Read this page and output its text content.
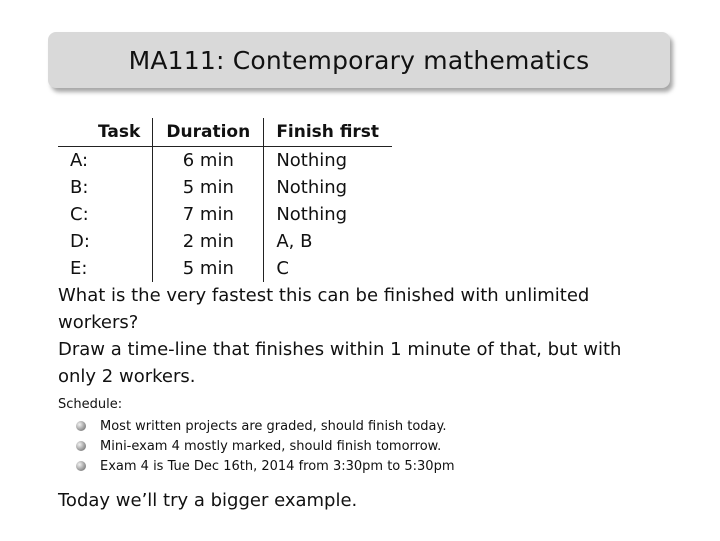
MA111: Contemporary mathematics
Task	Duration	Finish first
A:	6 min	Nothing
B:	5 min	Nothing
C:	7 min	Nothing
D:	2 min	A, B
E:	5 min	C
What is the very fastest this can be finished with unlimited
workers?
Draw a time-line that finishes within 1 minute of that, but with
only 2 workers.
Schedule:
Most written projects are graded, should finish today.
Mini-exam 4 mostly marked, should finish tomorrow.
Exam 4 is Tue Dec 16th, 2014 from 3:30pm to 5:30pm
Today we’ll try a bigger example.
